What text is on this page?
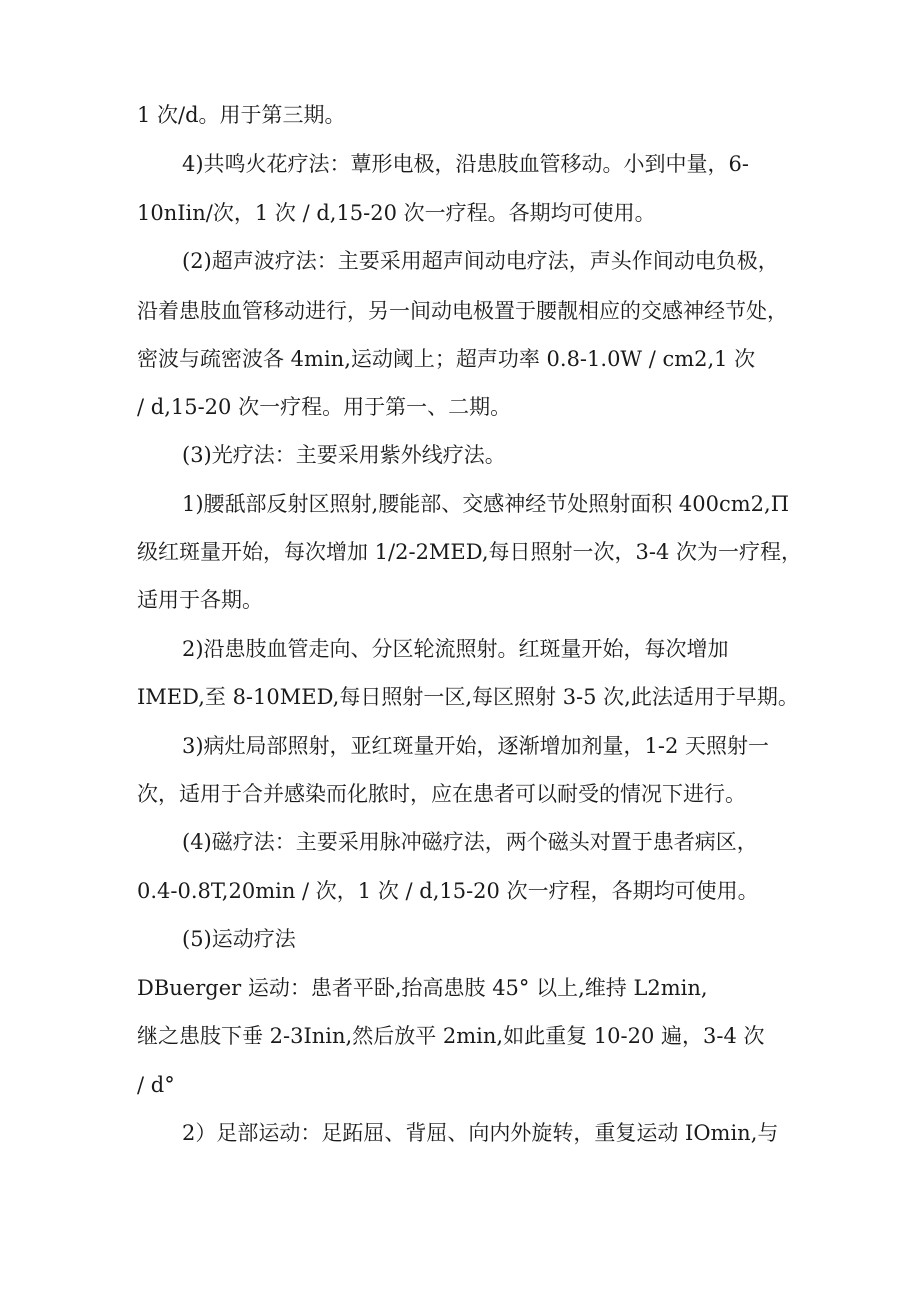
1 次/d。用于第三期。
4)共鸣火花疗法：蕈形电极，沿患肢血管移动。小到中量，6-
10nIin/次，1 次 / d,15-20 次一疗程。各期均可使用。
(2)超声波疗法：主要采用超声间动电疗法，声头作间动电负极，
沿着患肢血管移动进行，另一间动电极置于腰靓相应的交感神经节处，
密波与疏密波各 4min,运动阈上；超声功率 0.8-1.0W / cm2,1 次
/ d,15-20 次一疗程。用于第一、二期。
(3)光疗法：主要采用紫外线疗法。
1)腰舐部反射区照射,腰能部、交感神经节处照射面积 400cm2,Π
级红斑量开始，每次增加 1/2-2MED,每日照射一次，3-4 次为一疗程，
适用于各期。
2)沿患肢血管走向、分区轮流照射。红斑量开始，每次增加
IMED,至 8-10MED,每日照射一区,每区照射 3-5 次,此法适用于早期。
3)病灶局部照射，亚红斑量开始，逐渐增加剂量，1-2 天照射一
次，适用于合并感染而化脓时，应在患者可以耐受的情况下进行。
(4)磁疗法：主要采用脉冲磁疗法，两个磁头对置于患者病区，
0.4-0.8T,20min / 次，1 次 / d,15-20 次一疗程，各期均可使用。
(5)运动疗法
DBuerger 运动：患者平卧,抬高患肢 45° 以上,维持 L2min,
继之患肢下垂 2-3Inin,然后放平 2min,如此重复 10-20 遍，3-4 次
/ d°
2）足部运动：足跖屈、背屈、向内外旋转，重复运动 IOmin,与
